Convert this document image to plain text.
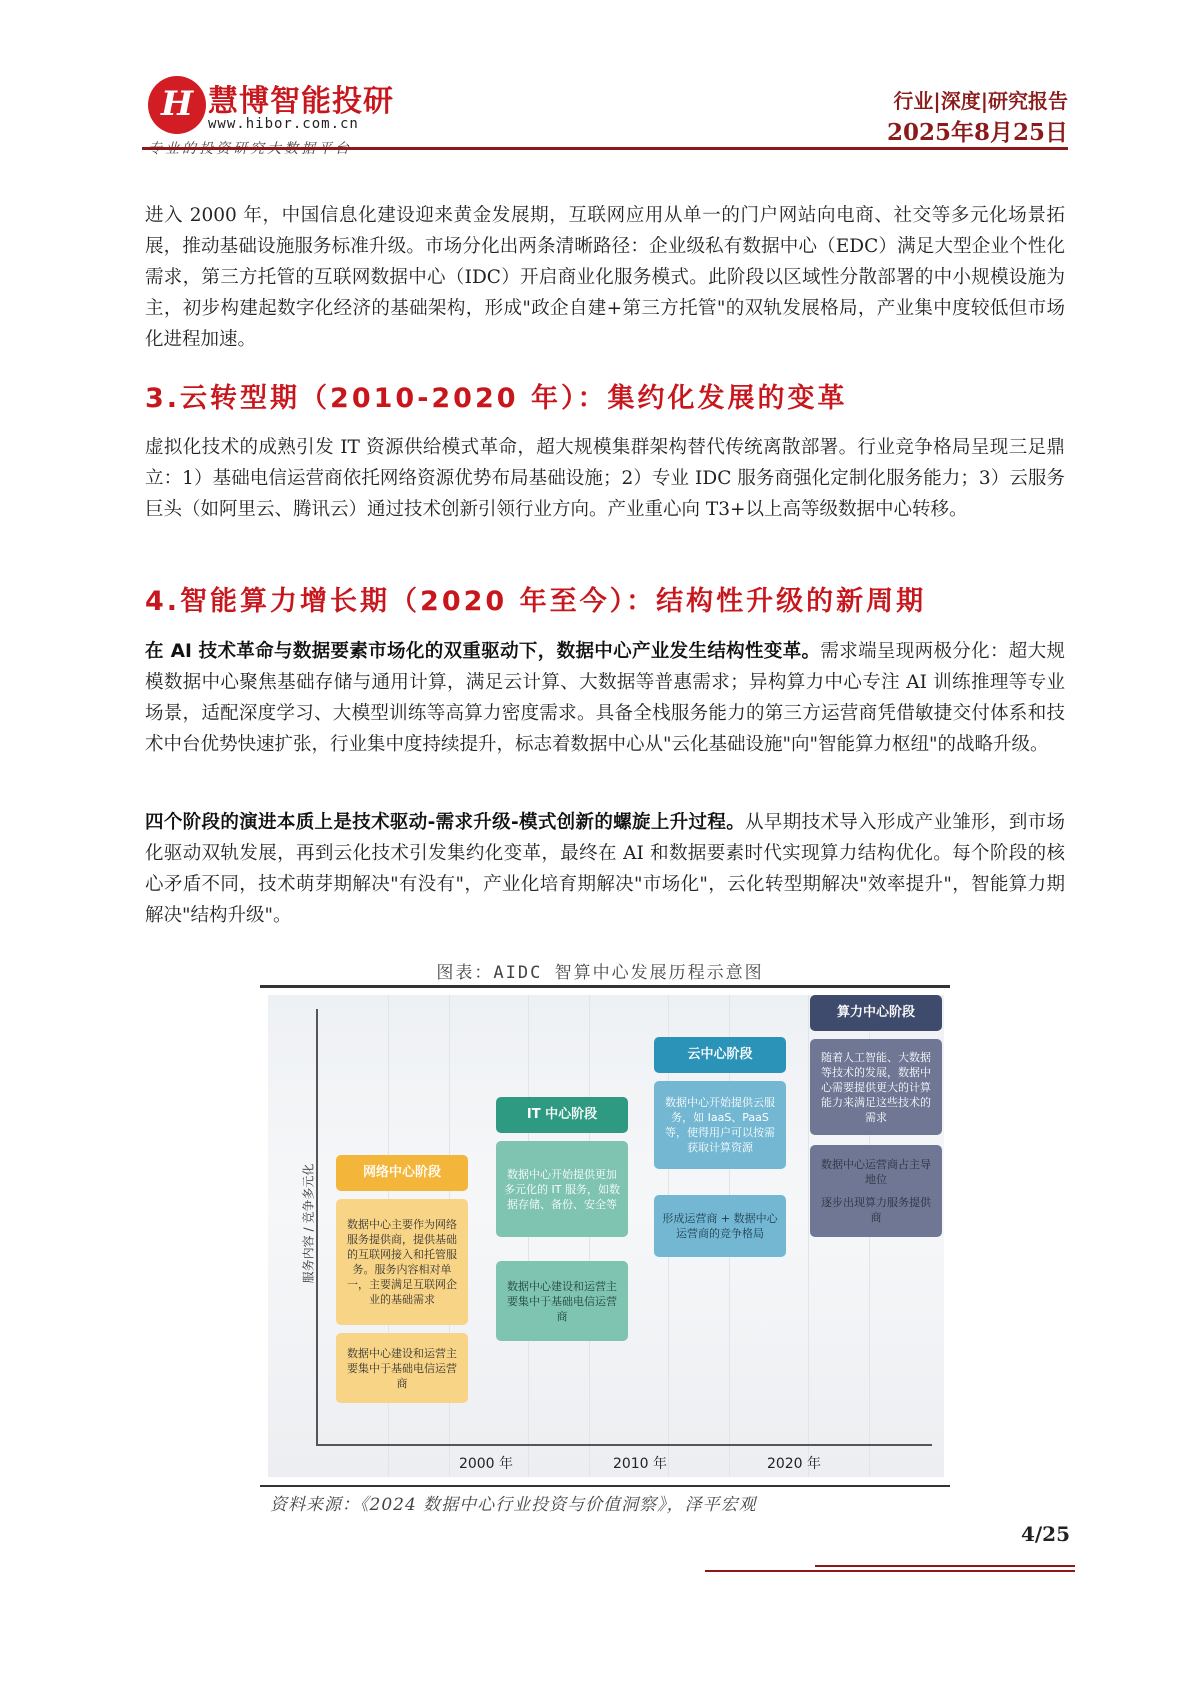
H 慧博智能投研
www.hibor.com.cn
行业|深度|研究报告
2025年8月25日

进入 2000 年，中国信息化建设迎来黄金发展期，互联网应用从单一的门户网站向电商、社交等多元化场景拓展，推动基础设施服务标准升级。市场分化出两条清晰路径：企业级私有数据中心（EDC）满足大型企业个性化需求，第三方托管的互联网数据中心（IDC）开启商业化服务模式。此阶段以区域性分散部署的中小规模设施为主，初步构建起数字化经济的基础架构，形成"政企自建+第三方托管"的双轨发展格局，产业集中度较低但市场化进程加速。

3.云转型期（2010-2020 年）：集约化发展的变革

虚拟化技术的成熟引发 IT 资源供给模式革命，超大规模集群架构替代传统离散部署。行业竞争格局呈现三足鼎立：1）基础电信运营商依托网络资源优势布局基础设施；2）专业 IDC 服务商强化定制化服务能力；3）云服务巨头（如阿里云、腾讯云）通过技术创新引领行业方向。产业重心向 T3+以上高等级数据中心转移。

4.智能算力增长期（2020 年至今）：结构性升级的新周期

在 AI 技术革命与数据要素市场化的双重驱动下，数据中心产业发生结构性变革。需求端呈现两极分化：超大规模数据中心聚焦基础存储与通用计算，满足云计算、大数据等普惠需求；异构算力中心专注 AI 训练推理等专业场景，适配深度学习、大模型训练等高算力密度需求。具备全栈服务能力的第三方运营商凭借敏捷交付体系和技术中台优势快速扩张，行业集中度持续提升，标志着数据中心从"云化基础设施"向"智能算力枢纽"的战略升级。

四个阶段的演进本质上是技术驱动-需求升级-模式创新的螺旋上升过程。从早期技术导入形成产业雏形，到市场化驱动双轨发展，再到云化技术引发集约化变革，最终在 AI 和数据要素时代实现算力结构优化。每个阶段的核心矛盾不同，技术萌芽期解决"有没有"，产业化培育期解决"市场化"，云化转型期解决"效率提升"，智能算力期解决"结构升级"。

图表：AIDC 智算中心发展历程示意图
服务内容 / 竞争多元化
2000 年	2010 年	2020 年
网络中心阶段
数据中心主要作为网络服务提供商，提供基础的互联网接入和托管服务。服务内容相对单一，主要满足互联网企业的基础需求
数据中心建设和运营主要集中于基础电信运营商
IT 中心阶段
数据中心开始提供更加多元化的 IT 服务，如数据存储、备份、安全等
数据中心建设和运营主要集中于基础电信运营商
云中心阶段
数据中心开始提供云服务，如 IaaS、PaaS 等，使得用户可以按需获取计算资源
形成运营商 + 数据中心运营商的竞争格局
算力中心阶段
随着人工智能、大数据等技术的发展，数据中心需要提供更大的计算能力来满足这些技术的需求
数据中心运营商占主导地位
逐步出现算力服务提供商
资料来源：《2024 数据中心行业投资与价值洞察》，泽平宏观
4/25
